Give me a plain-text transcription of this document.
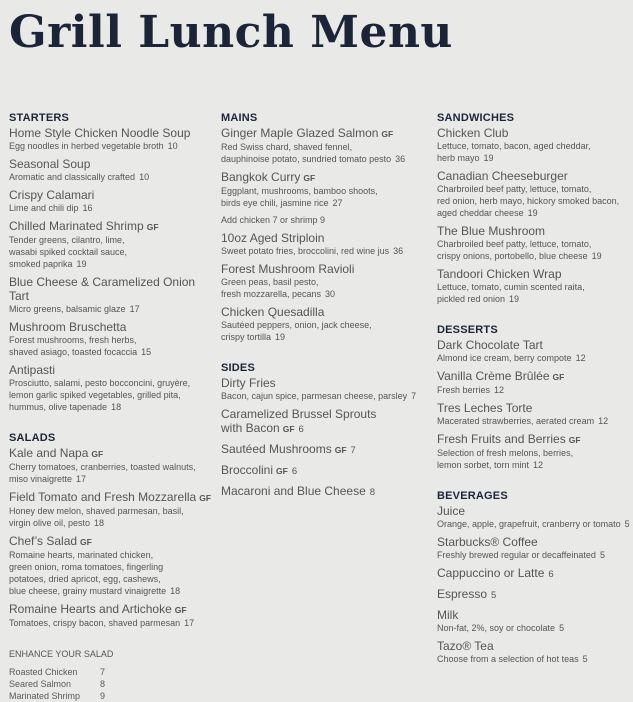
Grill Lunch Menu
STARTERS
Home Style Chicken Noodle Soup
Egg noodles in herbed vegetable broth 10
Seasonal Soup
Aromatic and classically crafted 10
Crispy Calamari
Lime and chili dip 16
Chilled Marinated Shrimp GF
Tender greens, cilantro, lime,
wasabi spiked cocktail sauce,
smoked paprika 19
Blue Cheese & Caramelized Onion Tart
Micro greens, balsamic glaze 17
Mushroom Bruschetta
Forest mushrooms, fresh herbs,
shaved asiago, toasted focaccia 15
Antipasti
Prosciutto, salami, pesto bocconcini, gruyère,
lemon garlic spiked vegetables, grilled pita,
hummus, olive tapenade 18
SALADS
Kale and Napa GF
Cherry tomatoes, cranberries, toasted walnuts,
miso vinaigrette 17
Field Tomato and Fresh Mozzarella GF
Honey dew melon, shaved parmesan, basil,
virgin olive oil, pesto 18
Chef’s Salad GF
Romaine hearts, marinated chicken,
green onion, roma tomatoes, fingerling
potatoes, dried apricot, egg, cashews,
blue cheese, grainy mustard vinaigrette 18
Romaine Hearts and Artichoke GF
Tomatoes, crispy bacon, shaved parmesan 17
ENHANCE YOUR SALAD
Roasted Chicken	7
Seared Salmon	8
Marinated Shrimp	9
MAINS
Ginger Maple Glazed Salmon GF
Red Swiss chard, shaved fennel,
dauphinoise potato, sundried tomato pesto 36
Bangkok Curry GF
Eggplant, mushrooms, bamboo shoots,
birds eye chili, jasmine rice 27
Add chicken 7 or shrimp 9
10oz Aged Striploin
Sweet potato fries, broccolini, red wine jus 36
Forest Mushroom Ravioli
Green peas, basil pesto,
fresh mozzarella, pecans 30
Chicken Quesadilla
Sautéed peppers, onion, jack cheese,
crispy tortilla 19
SIDES
Dirty Fries
Bacon, cajun spice, parmesan cheese, parsley 7
Caramelized Brussel Sprouts
with Bacon GF 6
Sautéed Mushrooms GF 7
Broccolini GF 6
Macaroni and Blue Cheese 8
SANDWICHES
Chicken Club
Lettuce, tomato, bacon, aged cheddar,
herb mayo 19
Canadian Cheeseburger
Charbroiled beef patty, lettuce, tomato,
red onion, herb mayo, hickory smoked bacon,
aged cheddar cheese 19
The Blue Mushroom
Charbroiled beef patty, lettuce, tomato,
crispy onions, portobello, blue cheese 19
Tandoori Chicken Wrap
Lettuce, tomato, cumin scented raita,
pickled red onion 19
DESSERTS
Dark Chocolate Tart
Almond ice cream, berry compote 12
Vanilla Crème Brûlée GF
Fresh berries 12
Tres Leches Torte
Macerated strawberries, aerated cream 12
Fresh Fruits and Berries GF
Selection of fresh melons, berries,
lemon sorbet, torn mint 12
BEVERAGES
Juice
Orange, apple, grapefruit, cranberry or tomato 5
Starbucks® Coffee
Freshly brewed regular or decaffeinated 5
Cappuccino or Latte 6
Espresso 5
Milk
Non-fat, 2%, soy or chocolate 5
Tazo® Tea
Choose from a selection of hot teas 5
